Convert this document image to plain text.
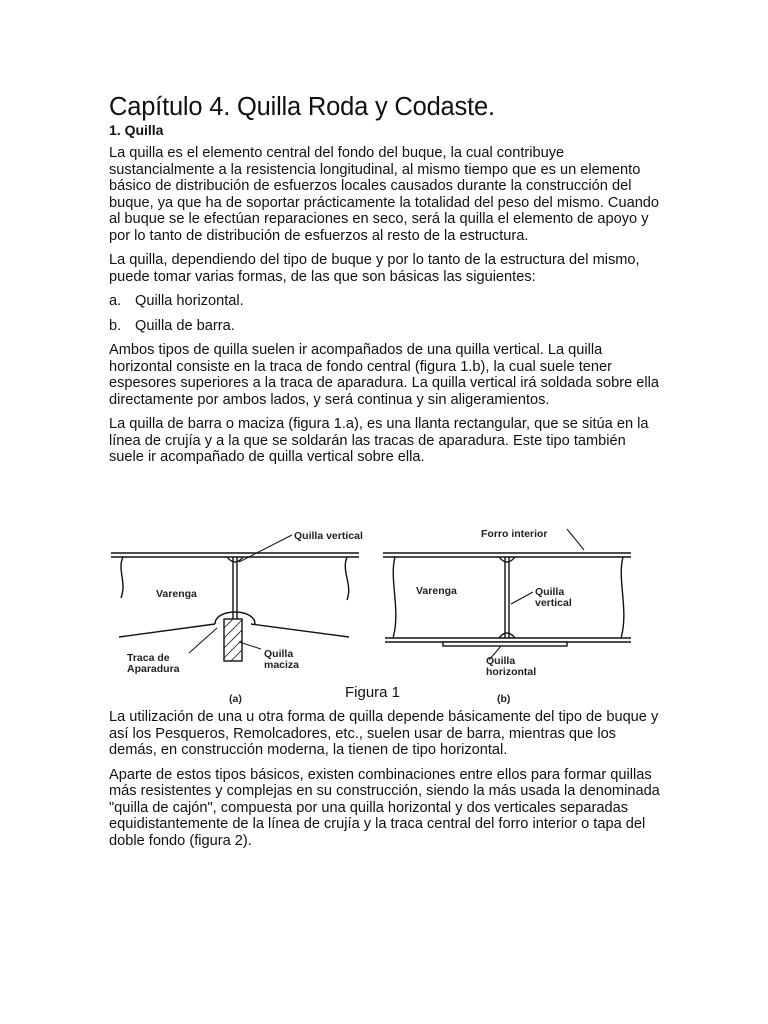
Capítulo 4. Quilla Roda y Codaste.
1. Quilla

La quilla es el elemento central del fondo del buque, la cual contribuye sustancialmente a la resistencia longitudinal, al mismo tiempo que es un elemento básico de distribución de esfuerzos locales causados durante la construcción del buque, ya que ha de soportar prácticamente la totalidad del peso del mismo. Cuando al buque se le efectúan reparaciones en seco, será la quilla el elemento de apoyo y por lo tanto de distribución de esfuerzos al resto de la estructura.

La quilla, dependiendo del tipo de buque y por lo tanto de la estructura del mismo, puede tomar varias formas, de las que son básicas las siguientes:

a. Quilla horizontal.
b. Quilla de barra.

Ambos tipos de quilla suelen ir acompañados de una quilla vertical. La quilla horizontal consiste en la traca de fondo central (figura 1.b), la cual suele tener espesores superiores a la traca de aparadura. La quilla vertical irá soldada sobre ella directamente por ambos lados, y será continua y sin aligeramientos.

La quilla de barra o maciza (figura 1.a), es una llanta rectangular, que se sitúa en la línea de crujía y a la que se soldarán las tracas de aparadura. Este tipo también suele ir acompañado de quilla vertical sobre ella.

Quilla vertical
Varenga
Traca de
Aparadura
Quilla
maciza
(a)
Forro interior
Varenga	Quilla
vertical
Quilla
horizontal
(b)
Figura 1

La utilización de una u otra forma de quilla depende básicamente del tipo de buque y así los Pesqueros, Remolcadores, etc., suelen usar de barra, mientras que los demás, en construcción moderna, la tienen de tipo horizontal.

Aparte de estos tipos básicos, existen combinaciones entre ellos para formar quillas más resistentes y complejas en su construcción, siendo la más usada la denominada "quilla de cajón", compuesta por una quilla horizontal y dos verticales separadas equidistantemente de la línea de crujía y la traca central del forro interior o tapa del doble fondo (figura 2).
